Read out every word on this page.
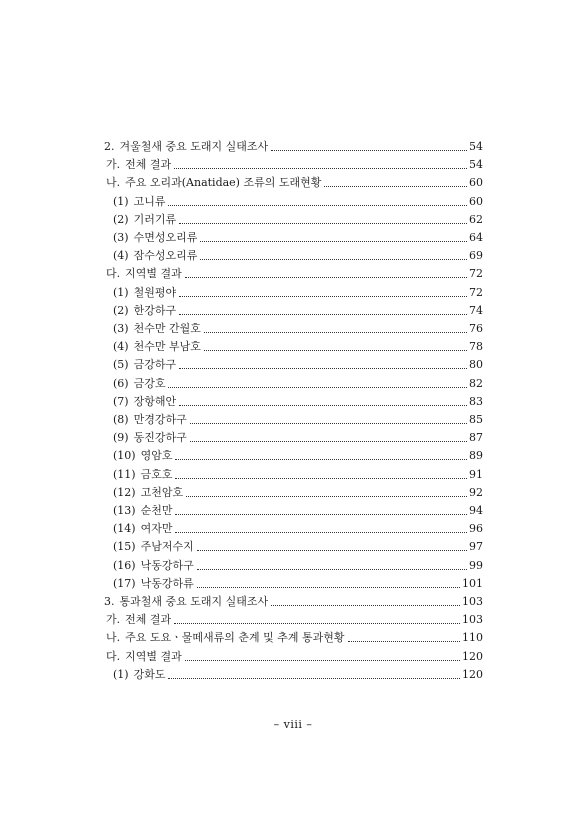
2. 겨울철새 중요 도래지 실태조사	54
가. 전체 결과	54
나. 주요 오리과(Anatidae) 조류의 도래현황	60
(1) 고니류	60
(2) 기러기류	62
(3) 수면성오리류	64
(4) 잠수성오리류	69
다. 지역별 결과	72
(1) 철원평야	72
(2) 한강하구	74
(3) 천수만 간월호	76
(4) 천수만 부남호	78
(5) 금강하구	80
(6) 금강호	82
(7) 장항해안	83
(8) 만경강하구	85
(9) 동진강하구	87
(10) 영암호	89
(11) 금호호	91
(12) 고천암호	92
(13) 순천만	94
(14) 여자만	96
(15) 주남저수지	97
(16) 낙동강하구	99
(17) 낙동강하류	101
3. 통과철새 중요 도래지 실태조사	103
가. 전체 결과	103
나. 주요 도요ㆍ물떼새류의 춘계 및 추계 통과현황	110
다. 지역별 결과	120
(1) 강화도	120
– viii –
